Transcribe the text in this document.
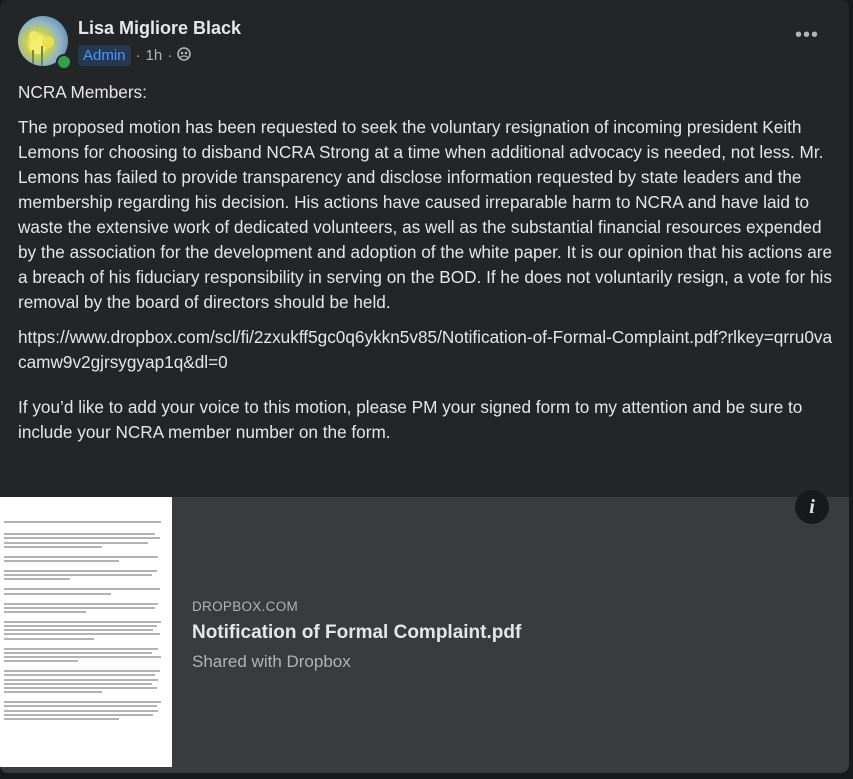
Lisa Migliore Black
Admin · 1h ·
•••

NCRA Members:

The proposed motion has been requested to seek the voluntary resignation of incoming president Keith Lemons for choosing to disband NCRA Strong at a time when additional advocacy is needed, not less. Mr. Lemons has failed to provide transparency and disclose information requested by state leaders and the membership regarding his decision. His actions have caused irreparable harm to NCRA and have laid to waste the extensive work of dedicated volunteers, as well as the substantial financial resources expended by the association for the development and adoption of the white paper. It is our opinion that his actions are a breach of his fiduciary responsibility in serving on the BOD. If he does not voluntarily resign, a vote for his removal by the board of directors should be held.

https://www.dropbox.com/scl/fi/2zxukff5gc0q6ykkn5v85/Notification-of-Formal-Complaint.pdf?rlkey=qrru0vacamw9v2gjrsygyap1q&dl=0

If you’d like to add your voice to this motion, please PM your signed form to my attention and be sure to include your NCRA member number on the form.

i
DROPBOX.COM
Notification of Formal Complaint.pdf
Shared with Dropbox
